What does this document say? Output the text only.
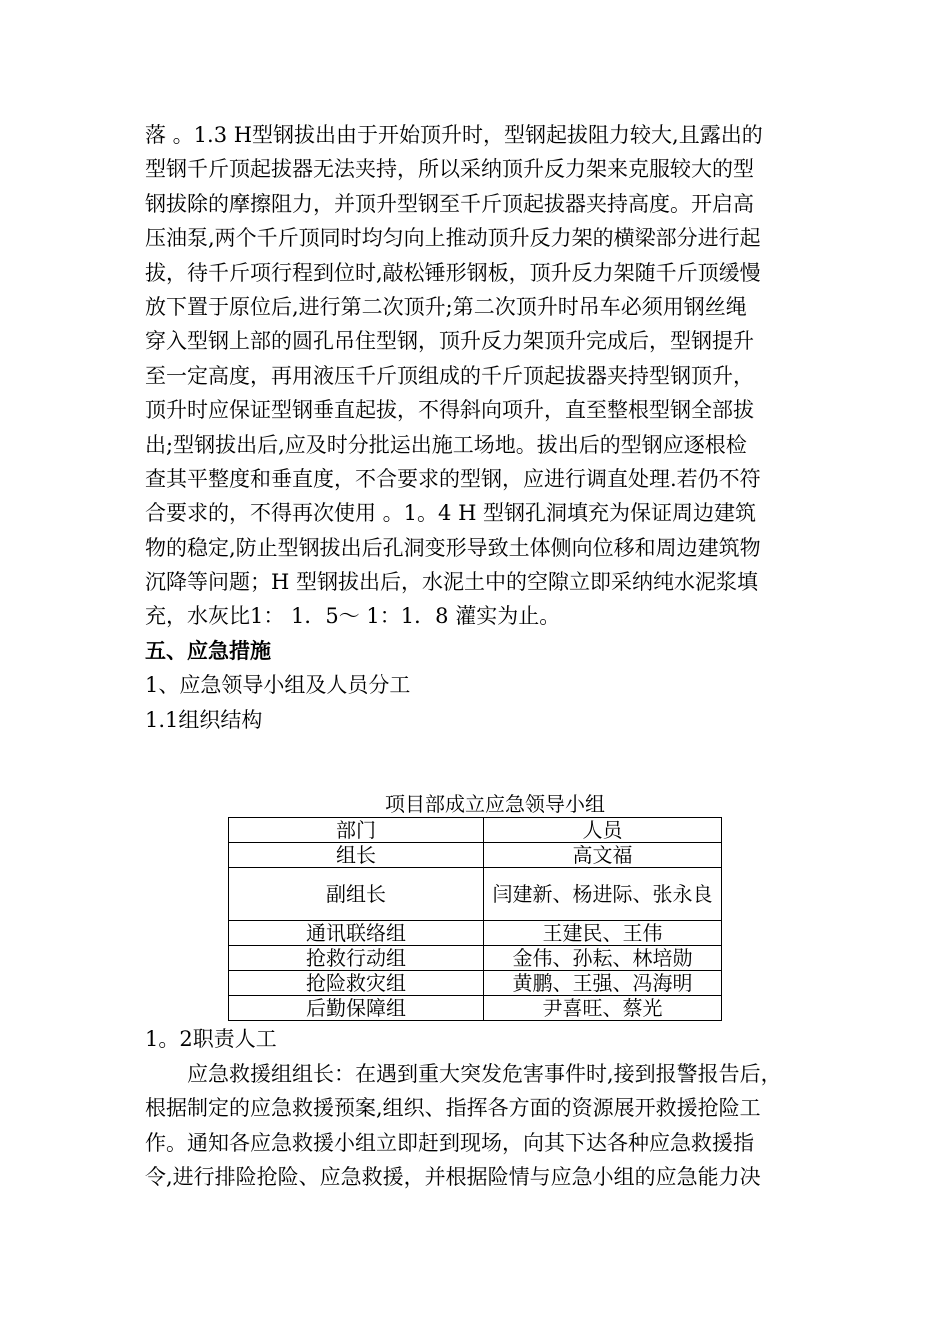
落 。1.3 H型钢拔出由于开始顶升时，型钢起拔阻力较大,且露出的
型钢千斤顶起拔器无法夹持，所以采纳顶升反力架来克服较大的型
钢拔除的摩擦阻力，并顶升型钢至千斤顶起拔器夹持高度。开启高
压油泵,两个千斤顶同时均匀向上推动顶升反力架的横梁部分进行起
拔，待千斤项行程到位时,敲松锤形钢板，顶升反力架随千斤顶缓慢
放下置于原位后,进行第二次顶升;第二次顶升时吊车必须用钢丝绳
穿入型钢上部的圆孔吊住型钢，顶升反力架顶升完成后，型钢提升
至一定高度，再用液压千斤顶组成的千斤顶起拔器夹持型钢顶升，
顶升时应保证型钢垂直起拔，不得斜向项升，直至整根型钢全部拔
出;型钢拔出后,应及时分批运出施工场地。拔出后的型钢应逐根检
查其平整度和垂直度，不合要求的型钢，应进行调直处理.若仍不符
合要求的，不得再次使用 。1。4 H 型钢孔洞填充为保证周边建筑
物的稳定,防止型钢拔出后孔洞变形导致土体侧向位移和周边建筑物
沉降等问题；H 型钢拔出后，水泥土中的空隙立即采纳纯水泥浆填
充，水灰比1： 1．5～ 1：1．8 灌实为止。
五、应急措施
1、应急领导小组及人员分工
1.1组织结构
项目部成立应急领导小组
部门	人员
组长	高文福
副组长	闫建新、杨进际、张永良
通讯联络组	王建民、王伟
抢救行动组	金伟、孙耘、林培勋
抢险救灾组	黄鹏、王强、冯海明
后勤保障组	尹喜旺、蔡光
1。2职责人工
应急救援组组长：在遇到重大突发危害事件时,接到报警报告后，
根据制定的应急救援预案,组织、指挥各方面的资源展开救援抢险工
作。通知各应急救援小组立即赶到现场，向其下达各种应急救援指
令,进行排险抢险、应急救援，并根据险情与应急小组的应急能力决
